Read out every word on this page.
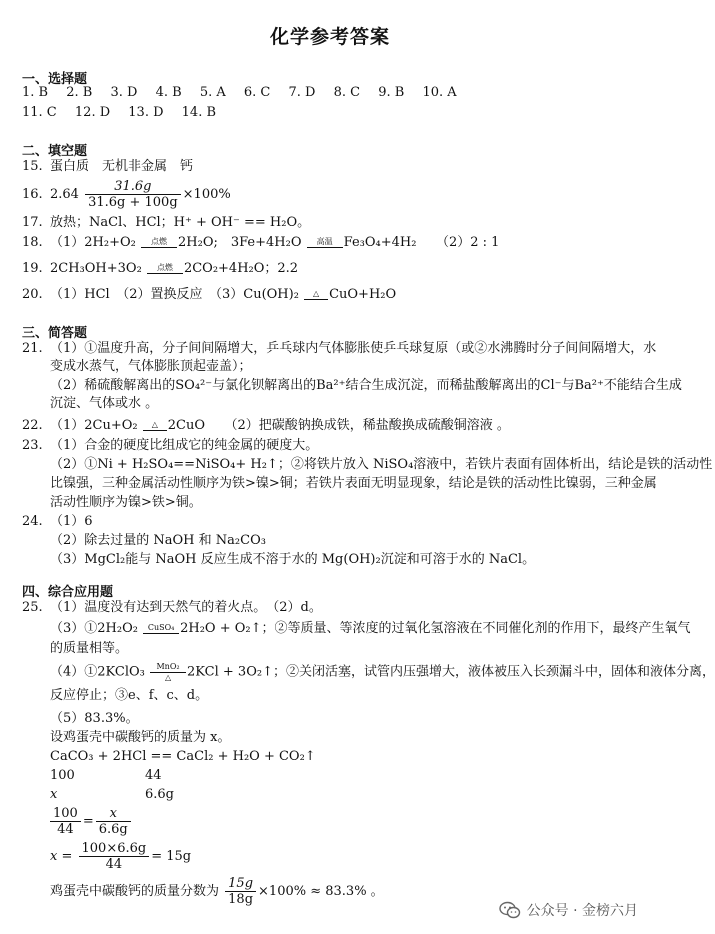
化学参考答案
一、选择题
1. B 2. B 3. D 4. B 5. A 6. C 7. D 8. C 9. B 10. A
11. C 12. D 13. D 14. B
二、填空题
15. 蛋白质　无机非金属　钙
16. $2.64 \frac{31.6g}{31.6g + 100g} \times 100\%$
17. 放热；NaCl、HCl；H⁺ + OH⁻ == H₂O。
18. （1）2H₂+O₂	点燃 2H₂O;　3Fe+4H₂O	高温 Fe₃O₄+4H₂　　（2）2 : 1
19. 2CH₃OH+3O₂	点燃 2CO₂+4H₂O；2.2
20. （1）HCl　（2）置换反应　（3）Cu(OH)₂	△ CuO+H₂O
三、简答题
21. （1）①温度升高，分子间间隔增大，乒乓球内气体膨胀使乒乓球复原（或②水沸腾时分子间间隔增大，水
变成水蒸气，气体膨胀顶起壶盖）；
（2）稀硫酸解离出的SO₄²⁻与氯化钡解离出的Ba²⁺结合生成沉淀，而稀盐酸解离出的Cl⁻与Ba²⁺不能结合生成
沉淀、气体或水 。
22. （1）2Cu+O₂	△ 2CuO　　（2）把碳酸钠换成铁，稀盐酸换成硫酸铜溶液 。
23. （1）合金的硬度比组成它的纯金属的硬度大。
（2）①Ni + H₂SO₄==NiSO₄+ H₂↑；②将铁片放入 NiSO₄溶液中，若铁片表面有固体析出，结论是铁的活动性
比镍强，三种金属活动性顺序为铁>镍>铜；若铁片表面无明显现象，结论是铁的活动性比镍弱，三种金属
活动性顺序为镍>铁>铜。
24. （1）6
（2）除去过量的 NaOH 和 Na₂CO₃
（3）MgCl₂能与 NaOH 反应生成不溶于水的 Mg(OH)₂沉淀和可溶于水的 NaCl。
四、综合应用题
25. （1）温度没有达到天然气的着火点。　（2）d。
（3）①2H₂O₂	CuSO₄ 2H₂O + O₂↑；②等质量、等浓度的过氧化氢溶液在不同催化剂的作用下，最终产生氧气
的质量相等。
（4）①2KClO₃	MnO₂
△	2KCl + 3O₂↑；②关闭活塞，试管内压强增大，液体被压入长颈漏斗中，固体和液体分离，
反应停止；③e、f、c、d。
（5）83.3%。
设鸡蛋壳中碳酸钙的质量为 x。
CaCO₃ + 2HCl == CaCl₂ + H₂O + CO₂↑
100	44
x	6.6g
$\frac{100}{44} = \frac{x}{6.6g}$
$x = \frac{100\times 6.6g}{44} = 15g$
鸡蛋壳中碳酸钙的质量分数为 $\frac{15g}{18g} \times 100\% \approx 83.3\%$ 。
公众号 · 金榜六月
